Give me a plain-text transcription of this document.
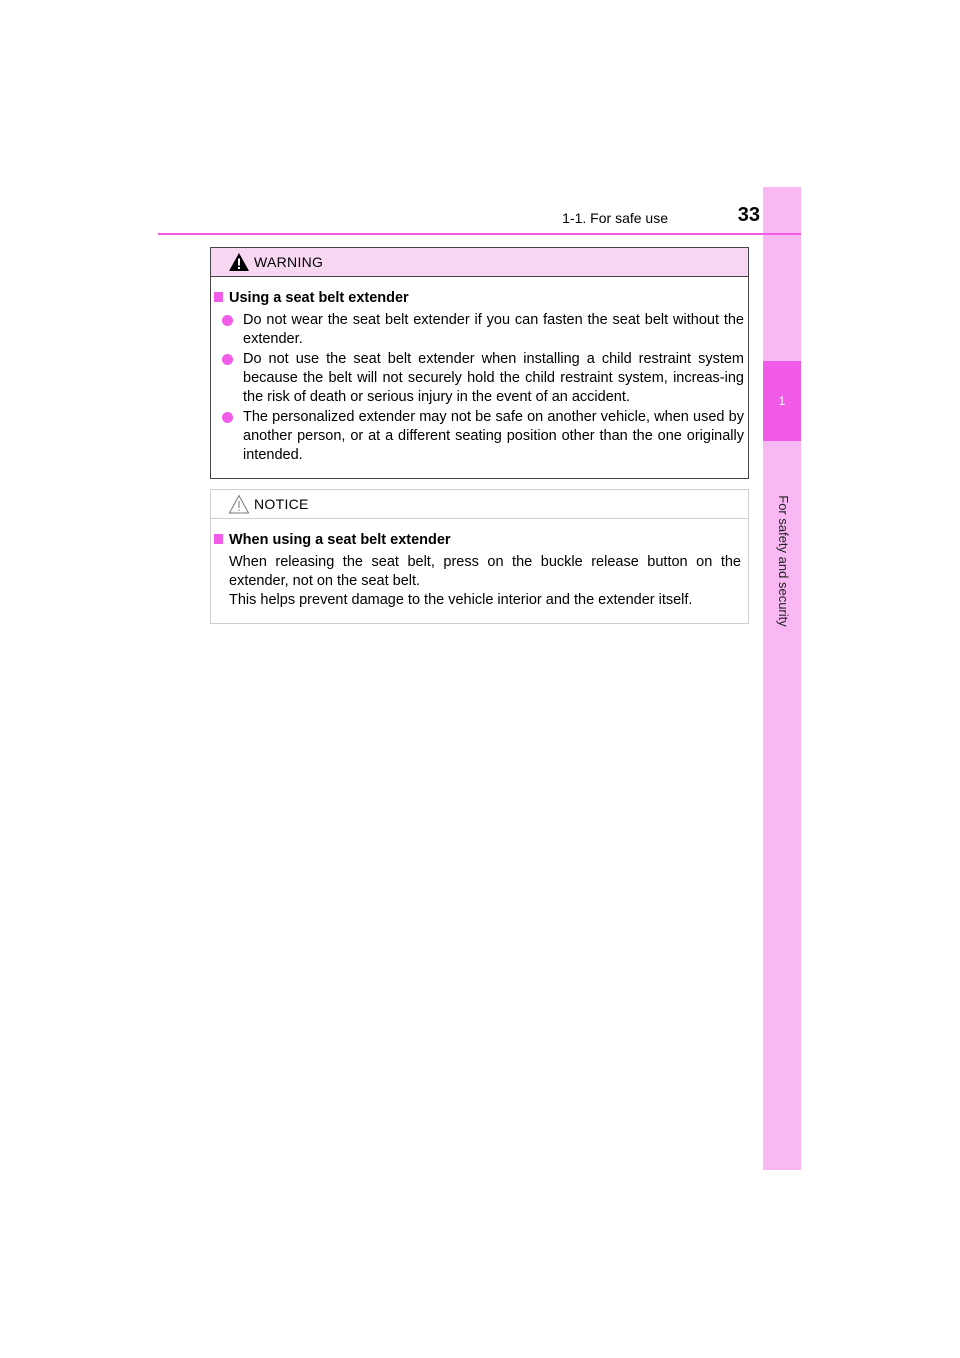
1
For safety and security
1-1. For safe use	33
WARNING
Using a seat belt extender
Do not wear the seat belt extender if you can fasten the seat belt without the extender.
Do not use the seat belt extender when installing a child restraint system because the belt will not securely hold the child restraint system, increas-ing the risk of death or serious injury in the event of an accident.
The personalized extender may not be safe on another vehicle, when used by another person, or at a different seating position other than the one originally intended.
NOTICE
When using a seat belt extender
When releasing the seat belt, press on the buckle release button on the extender, not on the seat belt.
This helps prevent damage to the vehicle interior and the extender itself.
